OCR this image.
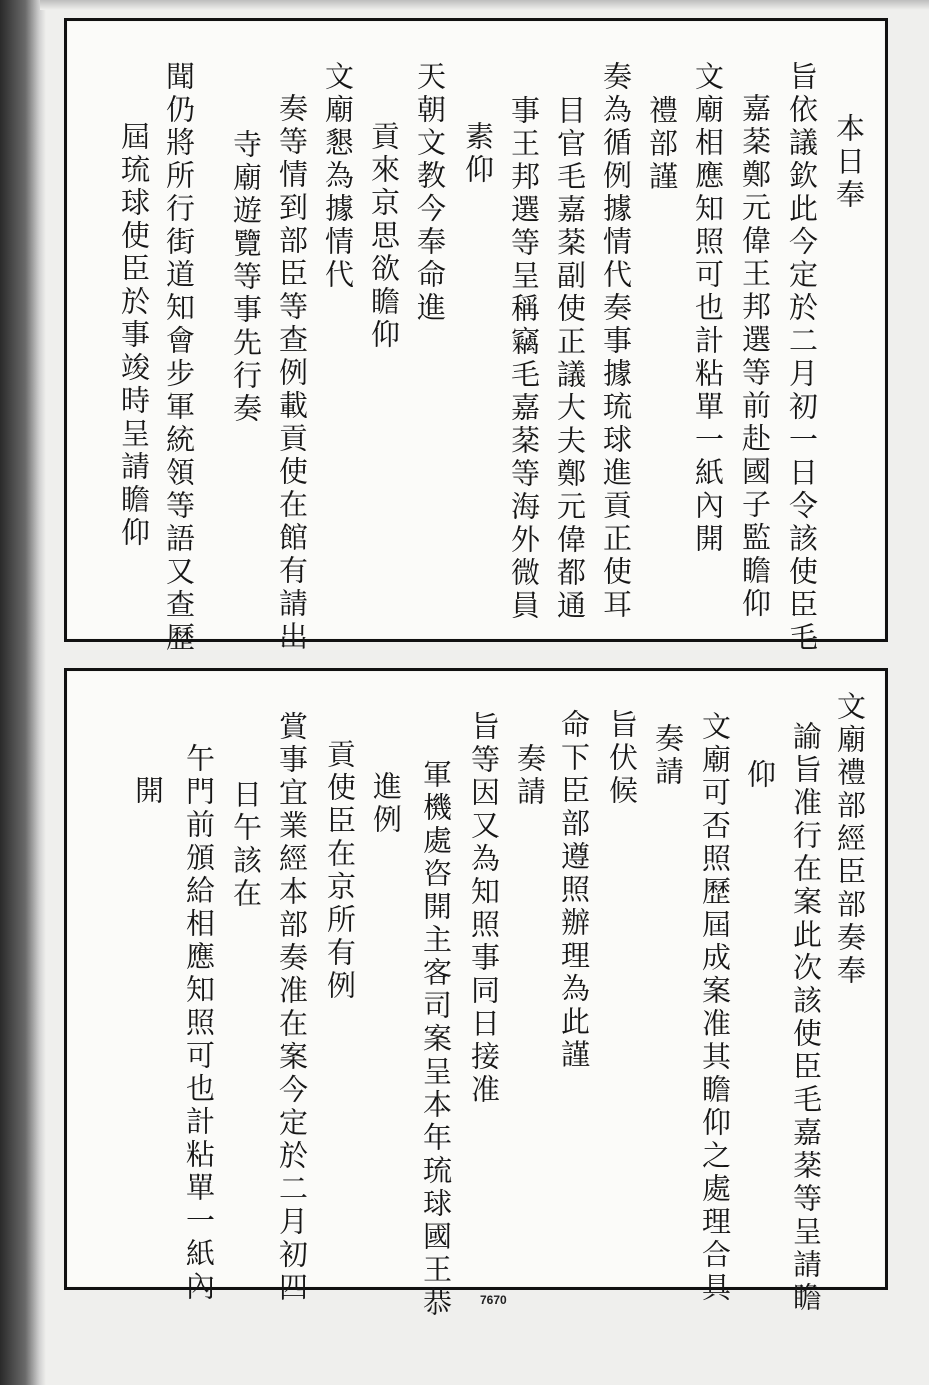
本日奉
旨依議欽此今定於二月初一日令該使臣毛
嘉棻鄭元偉王邦選等前赴國子監瞻仰
文廟相應知照可也計粘單一紙內開
禮部謹
奏為循例據情代奏事據琉球進貢正使耳
目官毛嘉棻副使正議大夫鄭元偉都通
事王邦選等呈稱竊毛嘉棻等海外微員
素仰
天朝文教今奉命進
貢來京思欲瞻仰
文廟懇為據情代
奏等情到部臣等查例載貢使在館有請出
寺廟遊覽等事先行奏
聞仍將所行街道知會步軍統領等語又查歷
屆琉球使臣於事竣時呈請瞻仰
文廟禮部經臣部奏奉
諭旨准行在案此次該使臣毛嘉棻等呈請瞻
仰
文廟可否照歷屆成案准其瞻仰之處理合具
奏請
旨伏候
命下臣部遵照辦理為此謹
奏請
旨等因又為知照事同日接准
軍機處咨開主客司案呈本年琉球國王恭
進例
貢使臣在京所有例
賞事宜業經本部奏准在案今定於二月初四
日午該在
午門前頒給相應知照可也計粘單一紙內
開
7670
